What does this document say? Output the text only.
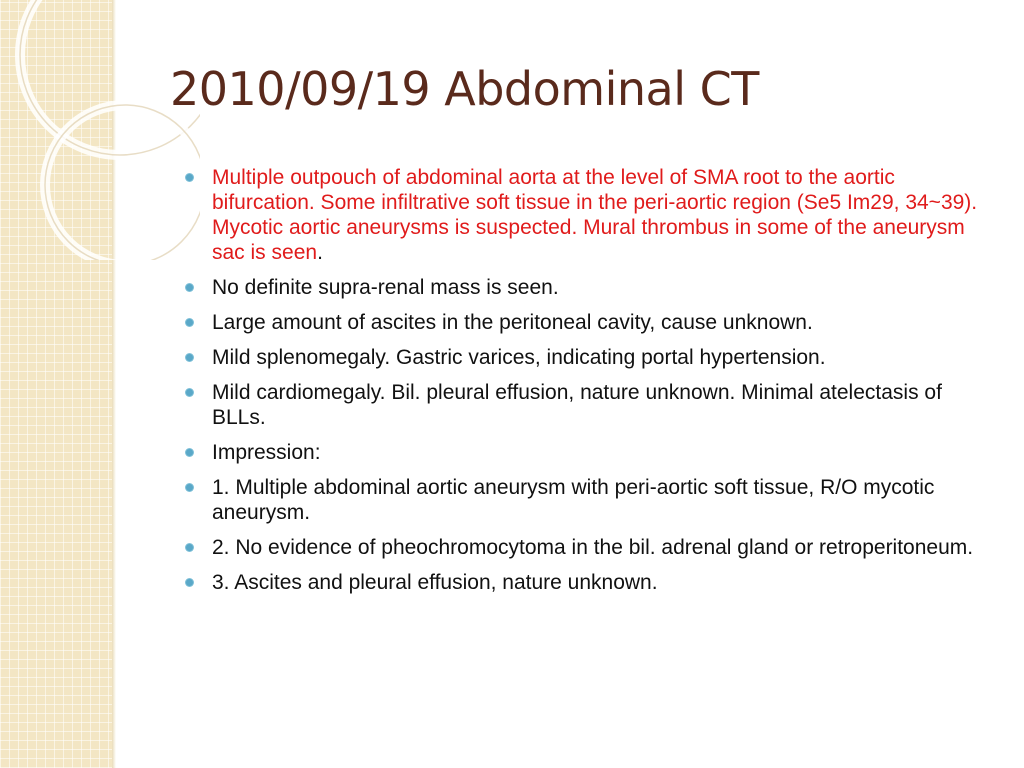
2010/09/19 Abdominal CT
Multiple outpouch of abdominal aorta at the level of SMA root to the aortic bifurcation. Some infiltrative soft tissue in the peri-aortic region (Se5 Im29, 34~39). Mycotic aortic aneurysms is suspected. Mural thrombus in some of the aneurysm sac is seen.
No definite supra-renal mass is seen.
Large amount of ascites in the peritoneal cavity, cause unknown.
Mild splenomegaly. Gastric varices, indicating portal hypertension.
Mild cardiomegaly. Bil. pleural effusion, nature unknown. Minimal atelectasis of BLLs.
Impression:
1. Multiple abdominal aortic aneurysm with peri-aortic soft tissue, R/O mycotic aneurysm.
2. No evidence of pheochromocytoma in the bil. adrenal gland or retroperitoneum.
3. Ascites and pleural effusion, nature unknown.
